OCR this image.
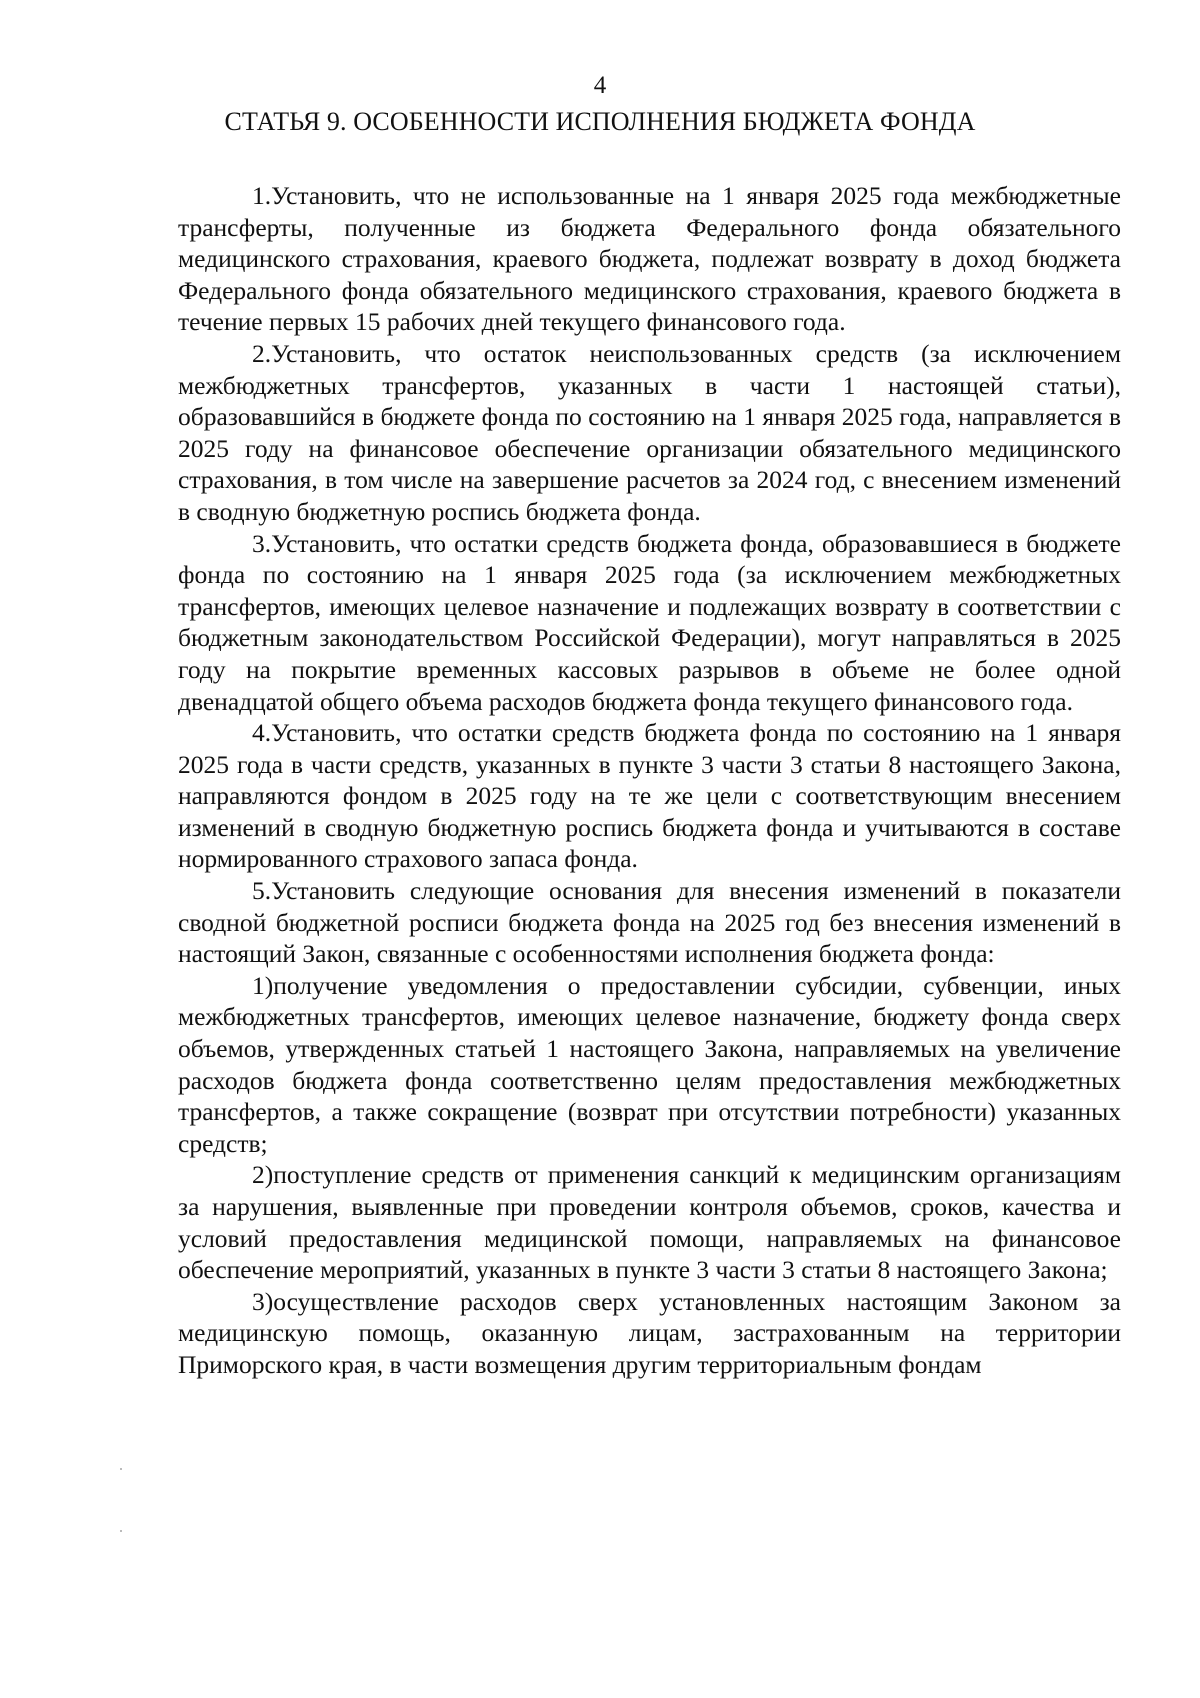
4
СТАТЬЯ 9. ОСОБЕННОСТИ ИСПОЛНЕНИЯ БЮДЖЕТА ФОНДА

1.Установить, что не использованные на 1 января 2025 года межбюджетные трансферты, полученные из бюджета Федерального фонда обязательного медицинского страхования, краевого бюджета, подлежат возврату в доход бюджета Федерального фонда обязательного медицинского страхования, краевого бюджета в течение первых 15 рабочих дней текущего финансового года.

2.Установить, что остаток неиспользованных средств (за исключением межбюджетных трансфертов, указанных в части 1 настоящей статьи), образовавшийся в бюджете фонда по состоянию на 1 января 2025 года, направляется в 2025 году на финансовое обеспечение организации обязательного медицинского страхования, в том числе на завершение расчетов за 2024 год, с внесением изменений в сводную бюджетную роспись бюджета фонда.

3.Установить, что остатки средств бюджета фонда, образовавшиеся в бюджете фонда по состоянию на 1 января 2025 года (за исключением межбюджетных трансфертов, имеющих целевое назначение и подлежащих возврату в соответствии с бюджетным законодательством Российской Федерации), могут направляться в 2025 году на покрытие временных кассовых разрывов в объеме не более одной двенадцатой общего объема расходов бюджета фонда текущего финансового года.

4.Установить, что остатки средств бюджета фонда по состоянию на 1 января 2025 года в части средств, указанных в пункте 3 части 3 статьи 8 настоящего Закона, направляются фондом в 2025 году на те же цели с соответствующим внесением изменений в сводную бюджетную роспись бюджета фонда и учитываются в составе нормированного страхового запаса фонда.

5.Установить следующие основания для внесения изменений в показатели сводной бюджетной росписи бюджета фонда на 2025 год без внесения изменений в настоящий Закон, связанные с особенностями исполнения бюджета фонда:

1)получение уведомления о предоставлении субсидии, субвенции, иных межбюджетных трансфертов, имеющих целевое назначение, бюджету фонда сверх объемов, утвержденных статьей 1 настоящего Закона, направляемых на увеличение расходов бюджета фонда соответственно целям предоставления межбюджетных трансфертов, а также сокращение (возврат при отсутствии потребности) указанных средств;

2)поступление средств от применения санкций к медицинским организациям за нарушения, выявленные при проведении контроля объемов, сроков, качества и условий предоставления медицинской помощи, направляемых на финансовое обеспечение мероприятий, указанных в пункте 3 части 3 статьи 8 настоящего Закона;

3)осуществление расходов сверх установленных настоящим Законом за медицинскую помощь, оказанную лицам, застрахованным на территории Приморского края, в части возмещения другим территориальным фондам
